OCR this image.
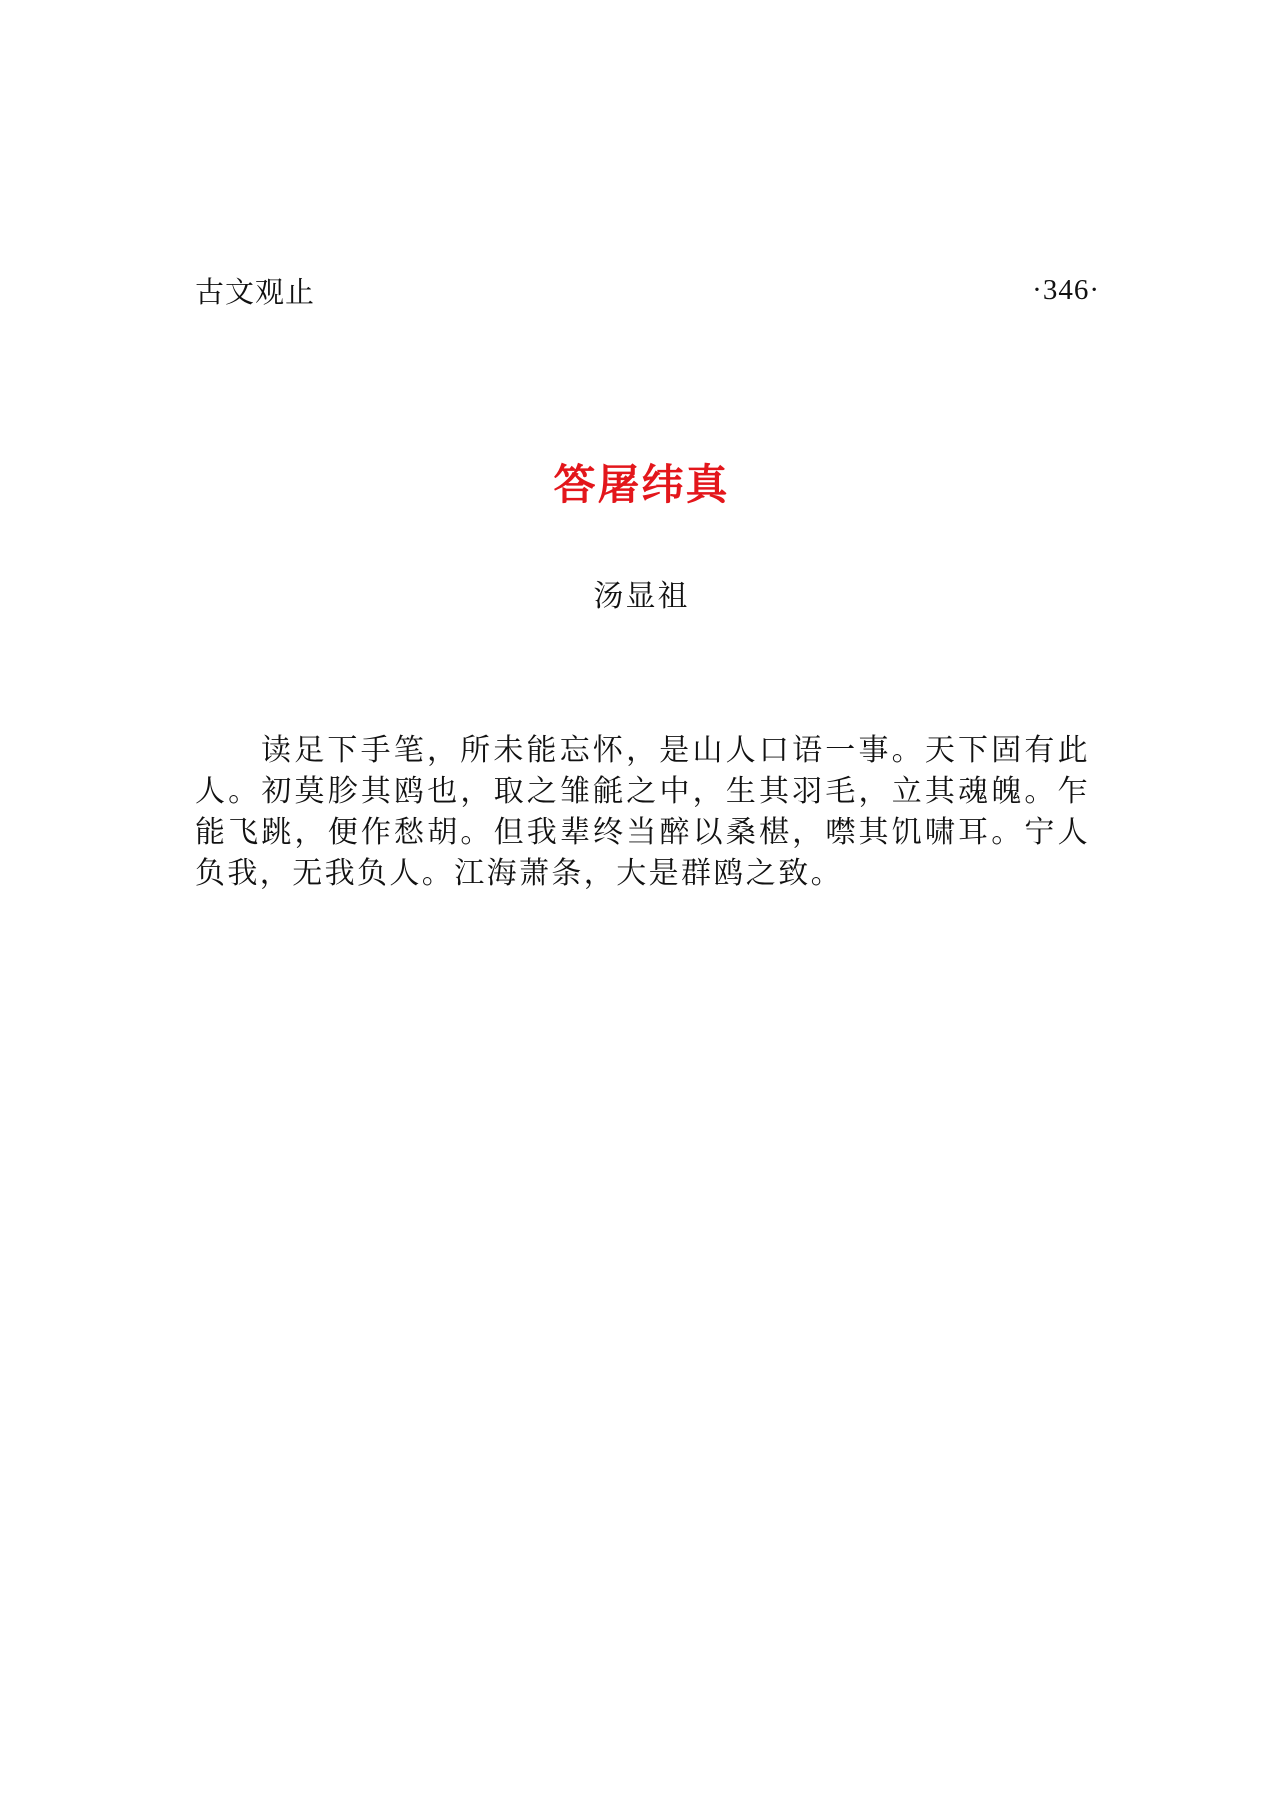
古文观止	·346·
答屠纬真
汤显祖

读足下手笔，所未能忘怀，是山人口语一事。天下固有此人。初莫胗其鸥也，取之雏毹之中，生其羽毛，立其魂魄。乍能飞跳，便作愁胡。但我辈终当醉以桑椹，噤其饥啸耳。宁人负我，无我负人。江海萧条，大是群鸥之致。
